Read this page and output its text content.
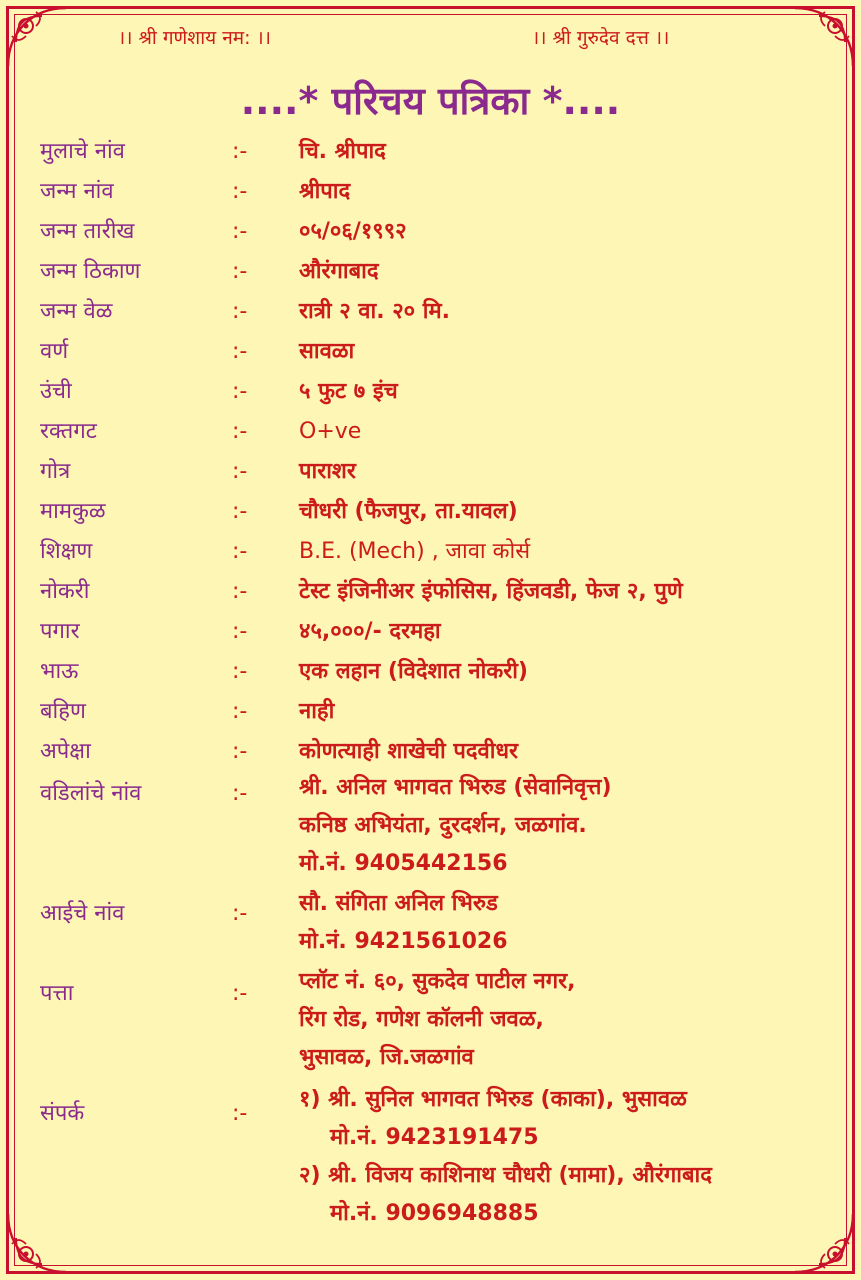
।। श्री गणेशाय नम: ।।	।। श्री गुरुदेव दत्त ।।
....* परिचय पत्रिका *....
मुलाचे नांव	:- चि. श्रीपाद
जन्म नांव	:- श्रीपाद
जन्म तारीख	:- ०५/०६/१९९२
जन्म ठिकाण	:- औरंगाबाद
जन्म वेळ	:- रात्री २ वा. २० मि.
वर्ण	:- सावळा
उंची	:- ५ फुट ७ इंच
रक्तगट	:- O+ve
गोत्र	:- पाराशर
मामकुळ	:- चौधरी (फैजपुर, ता.यावल)
शिक्षण	:- B.E. (Mech) , जावा कोर्स
नोकरी	:- टेस्ट इंजिनीअर इंफोसिस, हिंजवडी, फेज २, पुणे
पगार	:- ४५,०००/- दरमहा
भाऊ	:- एक लहान (विदेशात नोकरी)
बहिण	:- नाही
अपेक्षा	:- कोणत्याही शाखेची पदवीधर
वडिलांचे नांव	:- श्री. अनिल भागवत भिरुड (सेवानिवृत्त)
कनिष्ठ अभियंता, दुरदर्शन, जळगांव.
मो.नं. 9405442156
आईचे नांव	:- सौ. संगिता अनिल भिरुड
मो.नं. 9421561026
पत्ता	:- प्लॉट नं. ६०, सुकदेव पाटील नगर,
रिंग रोड, गणेश कॉलनी जवळ,
भुसावळ, जि.जळगांव
संपर्क	:-
१) श्री. सुनिल भागवत भिरुड (काका), भुसावळ
मो.नं. 9423191475
२) श्री. विजय काशिनाथ चौधरी (मामा), औरंगाबाद
मो.नं. 9096948885
